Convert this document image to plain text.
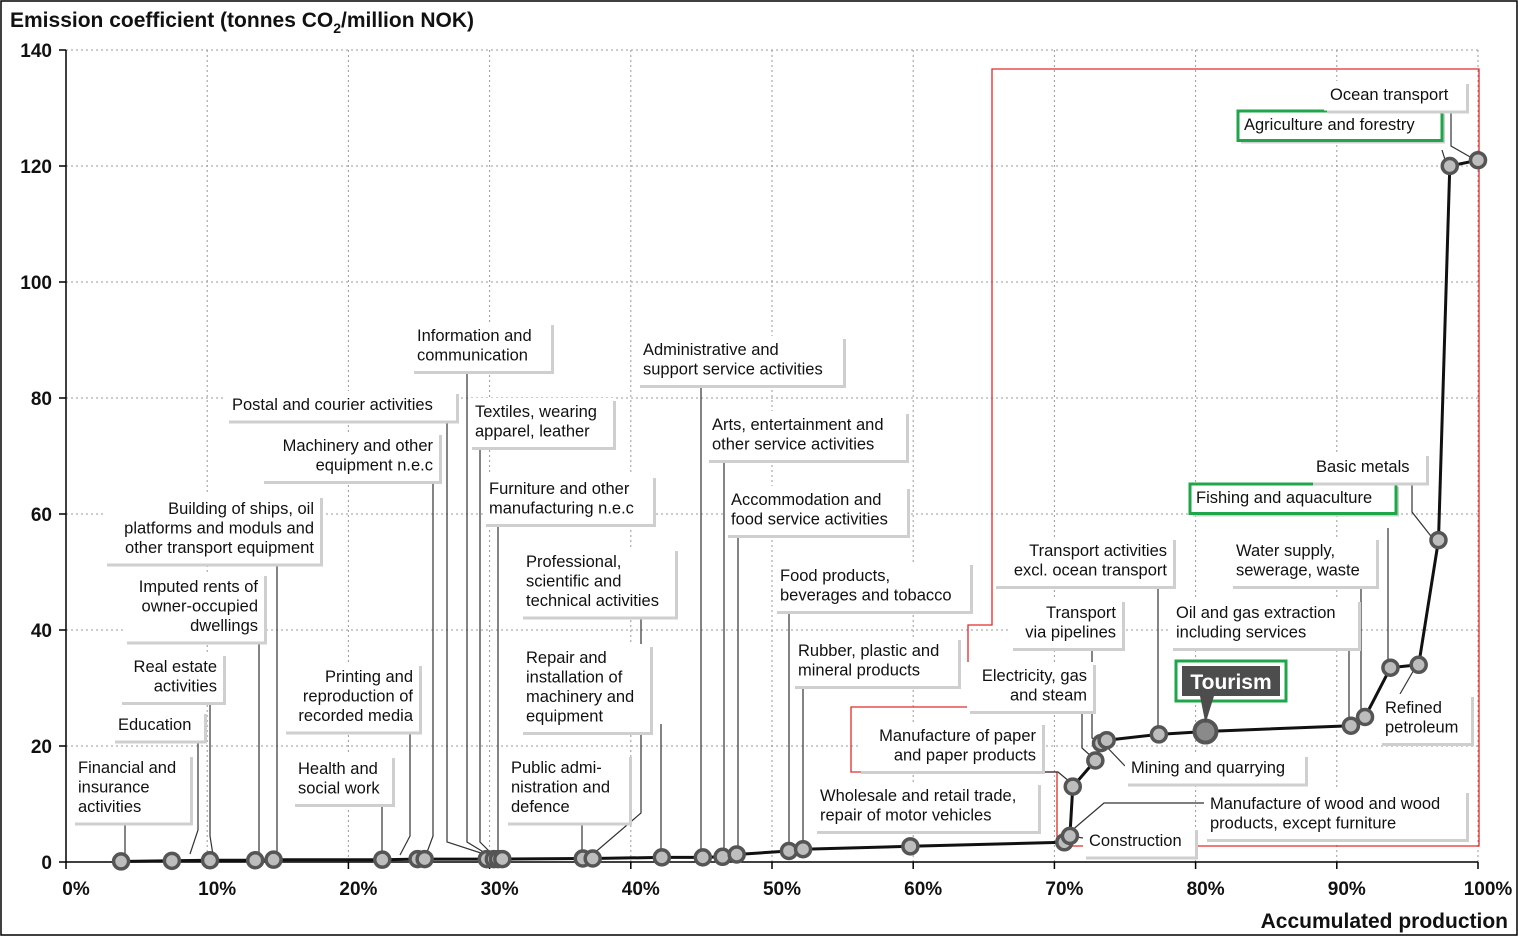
Emission coefficient (tonnes $CO_2$/million NOK)
Accumulated production
0
20
40
60
80
100
120
140
0%	10%	20%	30%	40%	50%	60%	70%	80%	90%	100%
Financial and insurance activities
Education
Real estate activities
Imputed rents of owner-occupied dwellings
Building of ships, oil platforms and moduls and other transport equipment
Health and social work
Printing and reproduction of recorded media
Machinery and other equipment n.e.c
Postal and courier activities
Information and communication
Textiles, wearing apparel, leather
Furniture and other manufacturing n.e.c
Public admi-nistration and defence
Professional, scientific and technical activities
Repair and installation of machinery and equipment
Administrative and support service activities
Arts, entertainment and other service activities
Accommodation and food service activities
Food products, beverages and tobacco
Rubber, plastic and mineral products
Wholesale and retail trade, repair of motor vehicles
Construction
Manufacture of wood and wood products, except furniture
Manufacture of paper and paper products
Electricity, gas and steam
Transport via pipelines
Mining and quarrying
Transport activities excl. ocean transport
Oil and gas extraction including services
Water supply, sewerage, waste
Fishing and aquaculture
Refined petroleum
Basic metals
Agriculture and forestry
Ocean transport
Tourism
